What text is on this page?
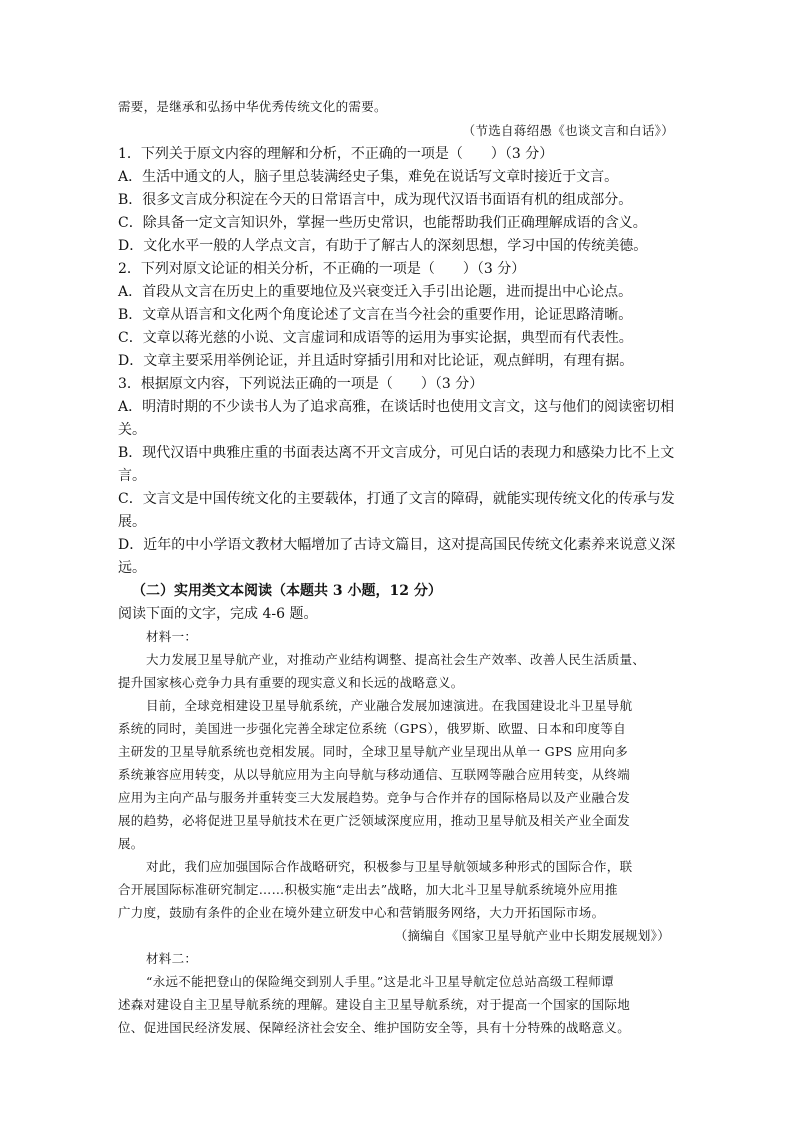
需要，是继承和弘扬中华优秀传统文化的需要。
（节选自蒋绍愚《也谈文言和白话》）
1．下列关于原文内容的理解和分析，不正确的一项是（　　）（3 分）
A．生活中通文的人，脑子里总装满经史子集，难免在说话写文章时接近于文言。
B．很多文言成分积淀在今天的日常语言中，成为现代汉语书面语有机的组成部分。
C．除具备一定文言知识外，掌握一些历史常识，也能帮助我们正确理解成语的含义。
D．文化水平一般的人学点文言，有助于了解古人的深刻思想，学习中国的传统美德。
2．下列对原文论证的相关分析，不正确的一项是（　　）（3 分）
A．首段从文言在历史上的重要地位及兴衰变迁入手引出论题，进而提出中心论点。
B．文章从语言和文化两个角度论述了文言在当今社会的重要作用，论证思路清晰。
C．文章以蒋光慈的小说、文言虚词和成语等的运用为事实论据，典型而有代表性。
D．文章主要采用举例论证，并且适时穿插引用和对比论证，观点鲜明，有理有据。
3．根据原文内容，下列说法正确的一项是（　　）（3 分）
A．明清时期的不少读书人为了追求高雅，在谈话时也使用文言文，这与他们的阅读密切相
关。
B．现代汉语中典雅庄重的书面表达离不开文言成分，可见白话的表现力和感染力比不上文
言。
C．文言文是中国传统文化的主要载体，打通了文言的障碍，就能实现传统文化的传承与发
展。
D．近年的中小学语文教材大幅增加了古诗文篇目，这对提高国民传统文化素养来说意义深
远。
（二）实用类文本阅读（本题共 3 小题，12 分）
阅读下面的文字，完成 4-6 题。
材料一：
大力发展卫星导航产业，对推动产业结构调整、提高社会生产效率、改善人民生活质量、
提升国家核心竞争力具有重要的现实意义和长远的战略意义。
目前，全球竞相建设卫星导航系统，产业融合发展加速演进。在我国建设北斗卫星导航
系统的同时，美国进一步强化完善全球定位系统（GPS），俄罗斯、欧盟、日本和印度等自
主研发的卫星导航系统也竞相发展。同时，全球卫星导航产业呈现出从单一 GPS 应用向多
系统兼容应用转变，从以导航应用为主向导航与移动通信、互联网等融合应用转变，从终端
应用为主向产品与服务并重转变三大发展趋势。竞争与合作并存的国际格局以及产业融合发
展的趋势，必将促进卫星导航技术在更广泛领域深度应用，推动卫星导航及相关产业全面发
展。
对此，我们应加强国际合作战略研究，积极参与卫星导航领域多种形式的国际合作，联
合开展国际标准研究制定……积极实施“走出去”战略，加大北斗卫星导航系统境外应用推
广力度，鼓励有条件的企业在境外建立研发中心和营销服务网络，大力开拓国际市场。
（摘编自《国家卫星导航产业中长期发展规划》）
材料二：
“永远不能把登山的保险绳交到别人手里。”这是北斗卫星导航定位总站高级工程师谭
述森对建设自主卫星导航系统的理解。建设自主卫星导航系统，对于提高一个国家的国际地
位、促进国民经济发展、保障经济社会安全、维护国防安全等，具有十分特殊的战略意义。
